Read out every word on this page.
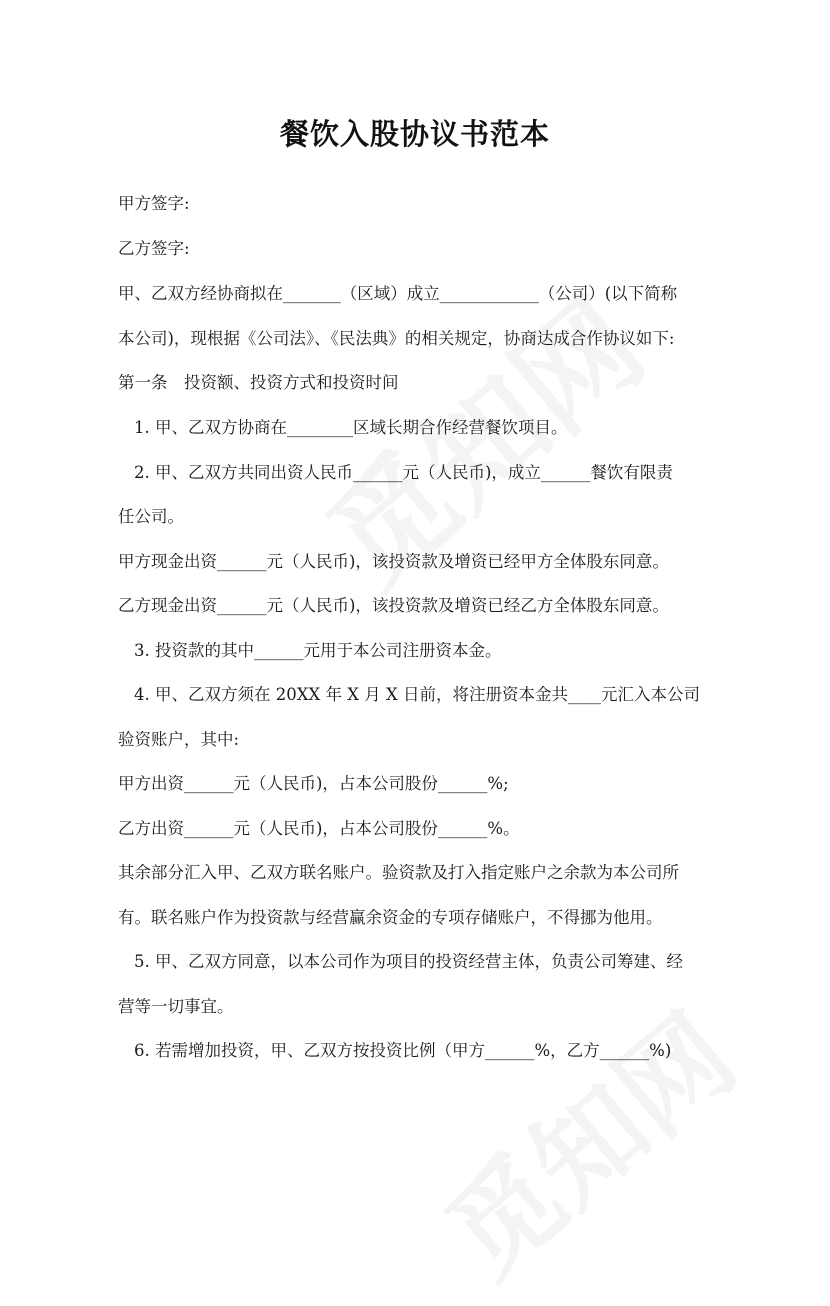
餐饮入股协议书范本
甲方签字:
乙方签字:
甲、乙双方经协商拟在_______（区域）成立____________（公司）(以下简称
本公司)，现根据《公司法》、《民法典》的相关规定，协商达成合作协议如下:
第一条　投资额、投资方式和投资时间
1. 甲、乙双方协商在________区域长期合作经营餐饮项目。
2. 甲、乙双方共同出资人民币______元（人民币)，成立______餐饮有限责
任公司。
甲方现金出资______元（人民币)，该投资款及增资已经甲方全体股东同意。
乙方现金出资______元（人民币)，该投资款及增资已经乙方全体股东同意。
3. 投资款的其中______元用于本公司注册资本金。
4. 甲、乙双方须在 20XX 年 X 月 X 日前，将注册资本金共____元汇入本公司
验资账户，其中:
甲方出资______元（人民币)，占本公司股份______%;
乙方出资______元（人民币)，占本公司股份______%。
其余部分汇入甲、乙双方联名账户。验资款及打入指定账户之余款为本公司所
有。联名账户作为投资款与经营赢余资金的专项存储账户，不得挪为他用。
5. 甲、乙双方同意，以本公司作为项目的投资经营主体，负责公司筹建、经
营等一切事宜。
6. 若需增加投资，甲、乙双方按投资比例（甲方______%，乙方______%)
